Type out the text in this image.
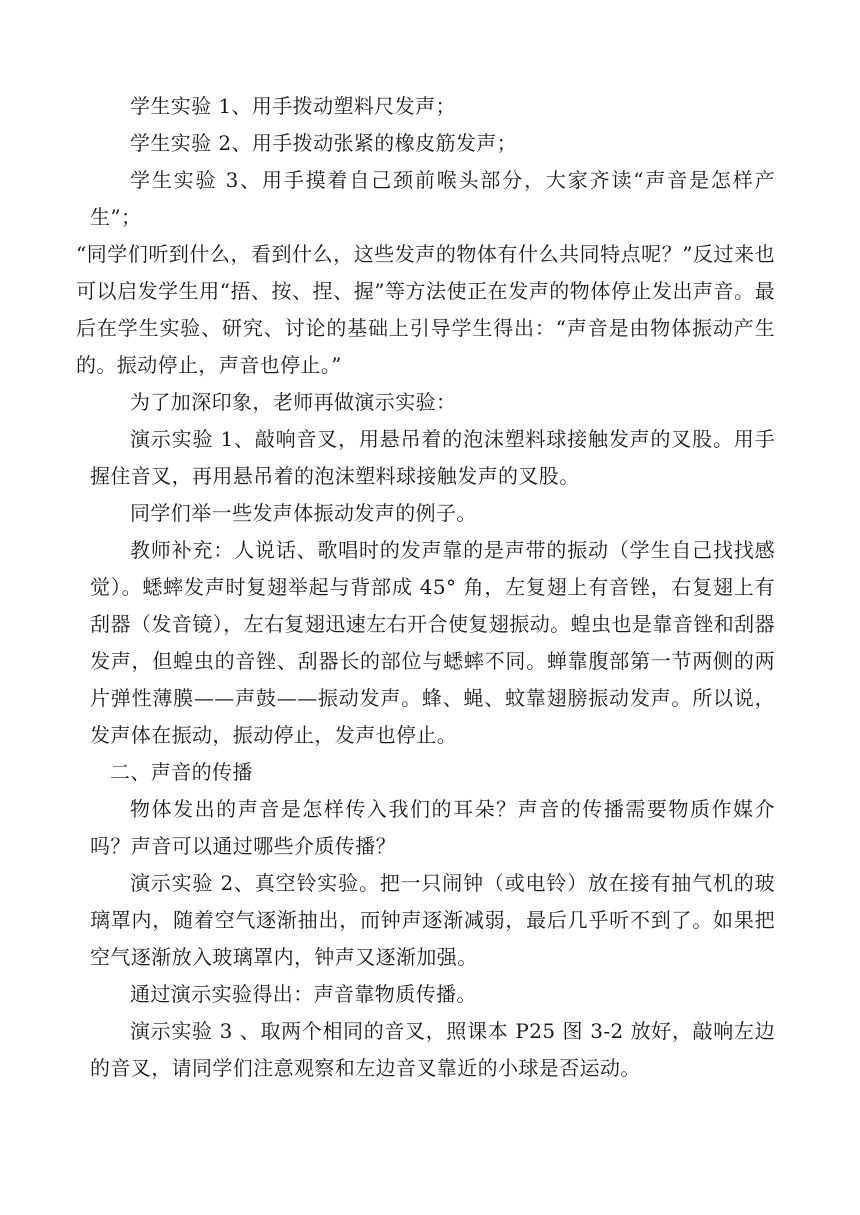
学生实验 1、用手拨动塑料尺发声；

学生实验 2、用手拨动张紧的橡皮筋发声；

学生实验 3、用手摸着自己颈前喉头部分，大家齐读“声音是怎样产生”；

“同学们听到什么，看到什么，这些发声的物体有什么共同特点呢？”反过来也可以启发学生用“捂、按、捏、握”等方法使正在发声的物体停止发出声音。最后在学生实验、研究、讨论的基础上引导学生得出：“声音是由物体振动产生的。振动停止，声音也停止。”

为了加深印象，老师再做演示实验：

演示实验 1、敲响音叉，用悬吊着的泡沫塑料球接触发声的叉股。用手握住音叉，再用悬吊着的泡沫塑料球接触发声的叉股。

同学们举一些发声体振动发声的例子。

教师补充：人说话、歌唱时的发声靠的是声带的振动（学生自己找找感觉）。蟋蟀发声时复翅举起与背部成 45° 角，左复翅上有音锉，右复翅上有刮器（发音镜），左右复翅迅速左右开合使复翅振动。蝗虫也是靠音锉和刮器发声，但蝗虫的音锉、刮器长的部位与蟋蟀不同。蝉靠腹部第一节两侧的两片弹性薄膜——声鼓——振动发声。蜂、蝇、蚊靠翅膀振动发声。所以说，发声体在振动，振动停止，发声也停止。

二、声音的传播

物体发出的声音是怎样传入我们的耳朵？声音的传播需要物质作媒介吗？声音可以通过哪些介质传播？

演示实验 2、真空铃实验。把一只闹钟（或电铃）放在接有抽气机的玻璃罩内，随着空气逐渐抽出，而钟声逐渐减弱，最后几乎听不到了。如果把空气逐渐放入玻璃罩内，钟声又逐渐加强。

通过演示实验得出：声音靠物质传播。

演示实验 3 、取两个相同的音叉，照课本 P25 图 3-2 放好，敲响左边的音叉，请同学们注意观察和左边音叉靠近的小球是否运动。
